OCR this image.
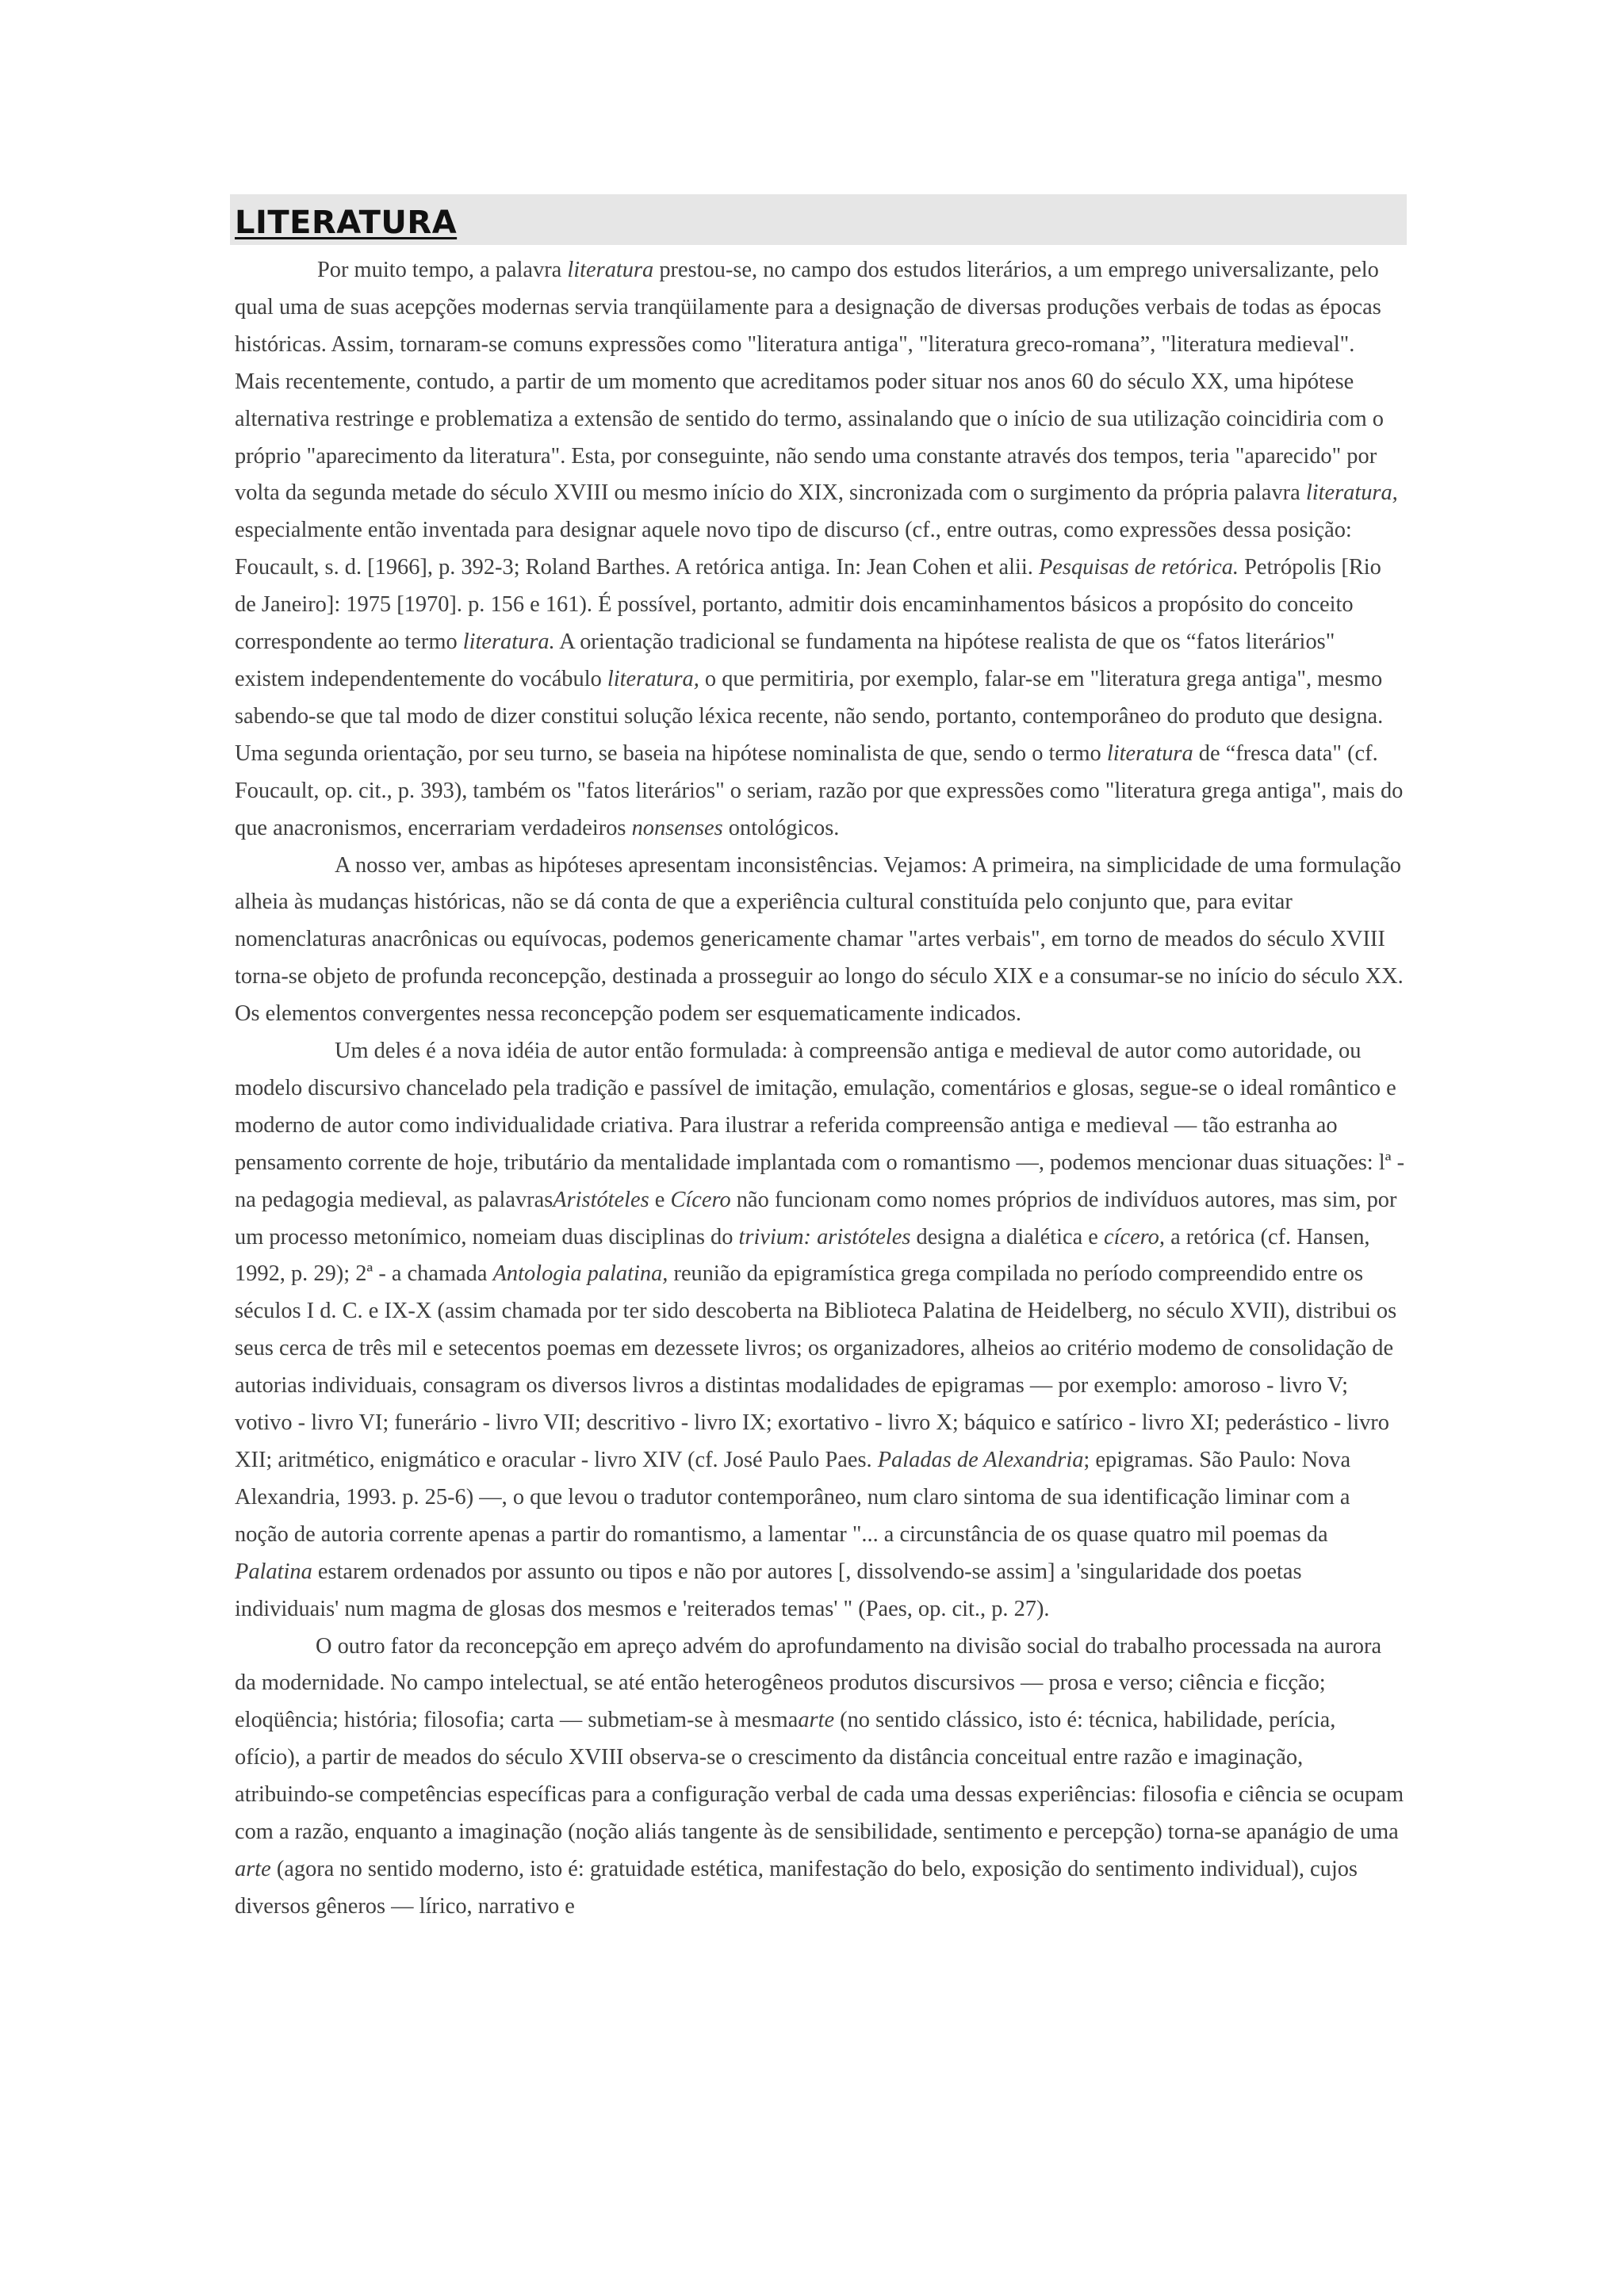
LITERATURA

Por muito tempo, a palavra literatura prestou-se, no campo dos estudos literários, a um emprego universalizante, pelo qual uma de suas acepções modernas servia tranqüilamente para a designação de diversas produções verbais de todas as épocas históricas. Assim, tornaram-se comuns expressões como "literatura antiga", "literatura greco-romana”, "literatura medieval". Mais recentemente, contudo, a partir de um momento que acreditamos poder situar nos anos 60 do século XX, uma hipótese alternativa restringe e problematiza a extensão de sentido do termo, assinalando que o início de sua utilização coincidiria com o próprio "aparecimento da literatura". Esta, por conseguinte, não sendo uma constante através dos tempos, teria "aparecido" por volta da segunda metade do século XVIII ou mesmo início do XIX, sincronizada com o surgimento da própria palavra literatura, especialmente então inventada para designar aquele novo tipo de discurso (cf., entre outras, como expressões dessa posição: Foucault, s. d. [1966], p. 392-3; Roland Barthes. A retórica antiga. In: Jean Cohen et alii. Pesquisas de retórica. Petrópolis [Rio de Janeiro]: 1975 [1970]. p. 156 e 161). É possível, portanto, admitir dois encaminhamentos básicos a propósito do conceito correspondente ao termo literatura. A orientação tradicional se fundamenta na hipótese realista de que os “fatos literários" existem independentemente do vocábulo literatura, o que permitiria, por exemplo, falar-se em "literatura grega antiga", mesmo sabendo-se que tal modo de dizer constitui solução léxica recente, não sendo, portanto, contemporâneo do produto que designa. Uma segunda orientação, por seu turno, se baseia na hipótese nominalista de que, sendo o termo literatura de “fresca data" (cf. Foucault, op. cit., p. 393), também os "fatos literários" o seriam, razão por que expressões como "literatura grega antiga", mais do que anacronismos, encerrariam verdadeiros nonsenses ontológicos.

A nosso ver, ambas as hipóteses apresentam inconsistências. Vejamos: A primeira, na simplicidade de uma formulação alheia às mudanças históricas, não se dá conta de que a experiência cultural constituída pelo conjunto que, para evitar nomenclaturas anacrônicas ou equívocas, podemos genericamente chamar "artes verbais", em torno de meados do século XVIII torna-se objeto de profunda reconcepção, destinada a prosseguir ao longo do século XIX e a consumar-se no início do século XX. Os elementos convergentes nessa reconcepção podem ser esquematicamente indicados.

Um deles é a nova idéia de autor então formulada: à compreensão antiga e medieval de autor como autoridade, ou modelo discursivo chancelado pela tradição e passível de imitação, emulação, comentários e glosas, segue-se o ideal romântico e moderno de autor como individualidade criativa. Para ilustrar a referida compreensão antiga e medieval — tão estranha ao pensamento corrente de hoje, tributário da mentalidade implantada com o romantismo —, podemos mencionar duas situações: lª - na pedagogia medieval, as palavrasAristóteles e Cícero não funcionam como nomes próprios de indivíduos autores, mas sim, por um processo metonímico, nomeiam duas disciplinas do trivium: aristóteles designa a dialética e cícero, a retórica (cf. Hansen, 1992, p. 29); 2ª - a chamada Antologia palatina, reunião da epigramística grega compilada no período compreendido entre os séculos I d. C. e IX-X (assim chamada por ter sido descoberta na Biblioteca Palatina de Heidelberg, no século XVII), distribui os seus cerca de três mil e setecentos poemas em dezessete livros; os organizadores, alheios ao critério modemo de consolidação de autorias individuais, consagram os diversos livros a distintas modalidades de epigramas — por exemplo: amoroso - livro V; votivo - livro VI; funerário - livro VII; descritivo - livro IX; exortativo - livro X; báquico e satírico - livro XI; pederástico - livro XII; aritmético, enigmático e oracular - livro XIV (cf. José Paulo Paes. Paladas de Alexandria; epigramas. São Paulo: Nova Alexandria, 1993. p. 25-6) —, o que levou o tradutor contemporâneo, num claro sintoma de sua identificação liminar com a noção de autoria corrente apenas a partir do romantismo, a lamentar "... a circunstância de os quase quatro mil poemas da Palatina estarem ordenados por assunto ou tipos e não por autores [, dissolvendo-se assim] a 'singularidade dos poetas individuais' num magma de glosas dos mesmos e 'reiterados temas' " (Paes, op. cit., p. 27).

O outro fator da reconcepção em apreço advém do aprofundamento na divisão social do trabalho processada na aurora da modernidade. No campo intelectual, se até então heterogêneos produtos discursivos — prosa e verso; ciência e ficção; eloqüência; história; filosofia; carta — submetiam-se à mesmaarte (no sentido clássico, isto é: técnica, habilidade, perícia, ofício), a partir de meados do século XVIII observa-se o crescimento da distância conceitual entre razão e imaginação, atribuindo-se competências específicas para a configuração verbal de cada uma dessas experiências: filosofia e ciência se ocupam com a razão, enquanto a imaginação (noção aliás tangente às de sensibilidade, sentimento e percepção) torna-se apanágio de uma arte (agora no sentido moderno, isto é: gratuidade estética, manifestação do belo, exposição do sentimento individual), cujos diversos gêneros — lírico, narrativo e
